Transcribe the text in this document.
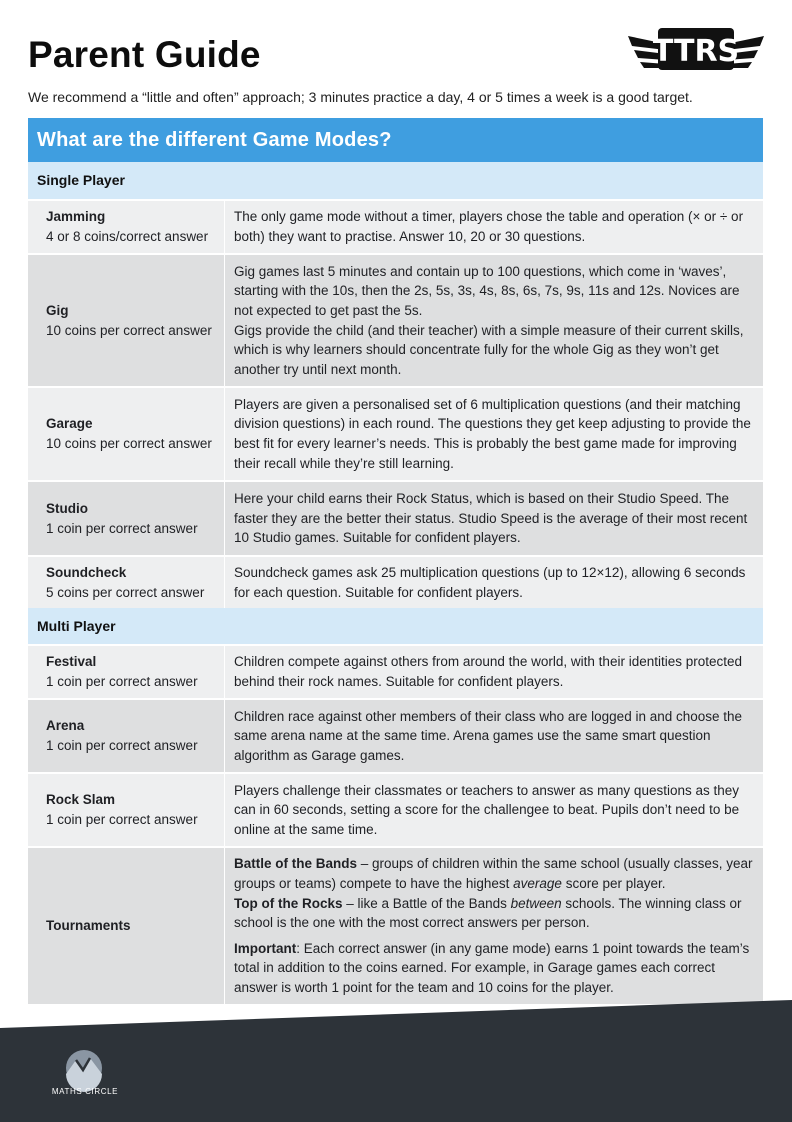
Parent Guide	TTRS

We recommend a “little and often” approach; 3 minutes practice a day, 4 or 5 times a week is a good target.

What are the different Game Modes?
Single Player
Jamming
4 or 8 coins/correct answer

The only game mode without a timer, players chose the table and operation (× or ÷ or both) they want to practise. Answer 10, 20 or 30 questions.

Gig
10 coins per correct answer

Gig games last 5 minutes and contain up to 100 questions, which come in ‘waves’, starting with the 10s, then the 2s, 5s, 3s, 4s, 8s, 6s, 7s, 9s, 11s and 12s. Novices are not expected to get past the 5s.

Gigs provide the child (and their teacher) with a simple measure of their current skills, which is why learners should concentrate fully for the whole Gig as they won’t get another try until next month.

Garage
10 coins per correct answer

Players are given a personalised set of 6 multiplication questions (and their matching division questions) in each round. The questions they get keep adjusting to provide the best fit for every learner’s needs. This is probably the best game made for improving their recall while they’re still learning.

Studio
1 coin per correct answer

Here your child earns their Rock Status, which is based on their Studio Speed. The faster they are the better their status. Studio Speed is the average of their most recent 10 Studio games. Suitable for confident players.

Soundcheck
5 coins per correct answer

Soundcheck games ask 25 multiplication questions (up to 12×12), allowing 6 seconds for each question. Suitable for confident players.

Multi Player
Festival
1 coin per correct answer

Children compete against others from around the world, with their identities protected behind their rock names. Suitable for confident players.

Arena
1 coin per correct answer

Children race against other members of their class who are logged in and choose the same arena name at the same time. Arena games use the same smart question algorithm as Garage games.

Rock Slam
1 coin per correct answer

Players challenge their classmates or teachers to answer as many questions as they can in 60 seconds, setting a score for the challengee to beat. Pupils don’t need to be online at the same time.

Tournaments

Battle of the Bands – groups of children within the same school (usually classes, year groups or teams) compete to have the highest average score per player.

Top of the Rocks – like a Battle of the Bands between schools. The winning class or school is the one with the most correct answers per person.

Important: Each correct answer (in any game mode) earns 1 point towards the team’s total in addition to the coins earned. For example, in Garage games each correct answer is worth 1 point for the team and 10 coins for the player.

MATHS CIRCLE
